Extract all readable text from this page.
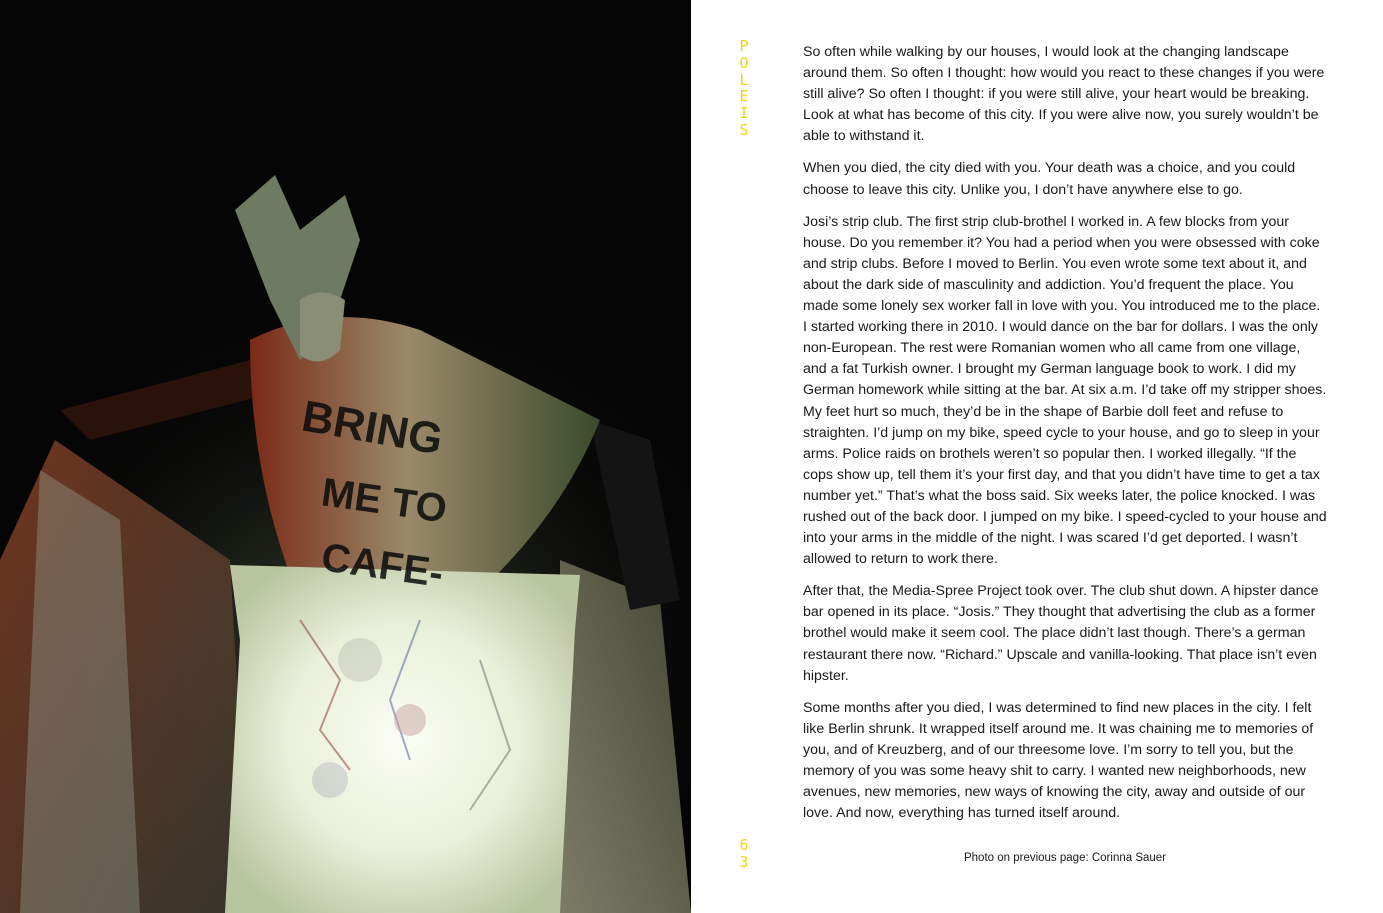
BRING
ME TO
CAFE-
P
O
L
E
I
S

So often while walking by our houses, I would look at the changing landscape around them. So often I thought: how would you react to these changes if you were still alive? So often I thought: if you were still alive, your heart would be breaking. Look at what has become of this city. If you were alive now, you surely wouldn’t be able to withstand it.

When you died, the city died with you. Your death was a choice, and you could choose to leave this city. Unlike you, I don’t have anywhere else to go.

Josi’s strip club. The first strip club-brothel I worked in. A few blocks from your house. Do you remember it? You had a period when you were obsessed with coke and strip clubs. Before I moved to Berlin. You even wrote some text about it, and about the dark side of masculinity and addiction. You’d frequent the place. You made some lonely sex worker fall in love with you. You introduced me to the place. I started working there in 2010. I would dance on the bar for dollars. I was the only non-European. The rest were Romanian women who all came from one village, and a fat Turkish owner. I brought my German language book to work. I did my German homework while sitting at the bar. At six a.m. I’d take off my stripper shoes. My feet hurt so much, they’d be in the shape of Barbie doll feet and refuse to straighten. I’d jump on my bike, speed cycle to your house, and go to sleep in your arms. Police raids on brothels weren’t so popular then. I worked illegally. “If the cops show up, tell them it’s your first day, and that you didn’t have time to get a tax number yet.” That’s what the boss said. Six weeks later, the police knocked. I was rushed out of the back door. I jumped on my bike. I speed-cycled to your house and into your arms in the middle of the night. I was scared I’d get deported. I wasn’t allowed to return to work there.

After that, the Media-Spree Project took over. The club shut down. A hipster dance bar opened in its place. “Josis.” They thought that advertising the club as a former brothel would make it seem cool. The place didn’t last though. There’s a german restaurant there now. “Richard.” Upscale and vanilla-looking. That place isn’t even hipster.

Some months after you died, I was determined to find new places in the city. I felt like Berlin shrunk. It wrapped itself around me. It was chaining me to memories of you, and of Kreuzberg, and of our threesome love. I’m sorry to tell you, but the memory of you was some heavy shit to carry. I wanted new neighborhoods, new avenues, new memories, new ways of knowing the city, away and outside of our love. And now, everything has turned itself around.

6
3	Photo on previous page: Corinna Sauer
